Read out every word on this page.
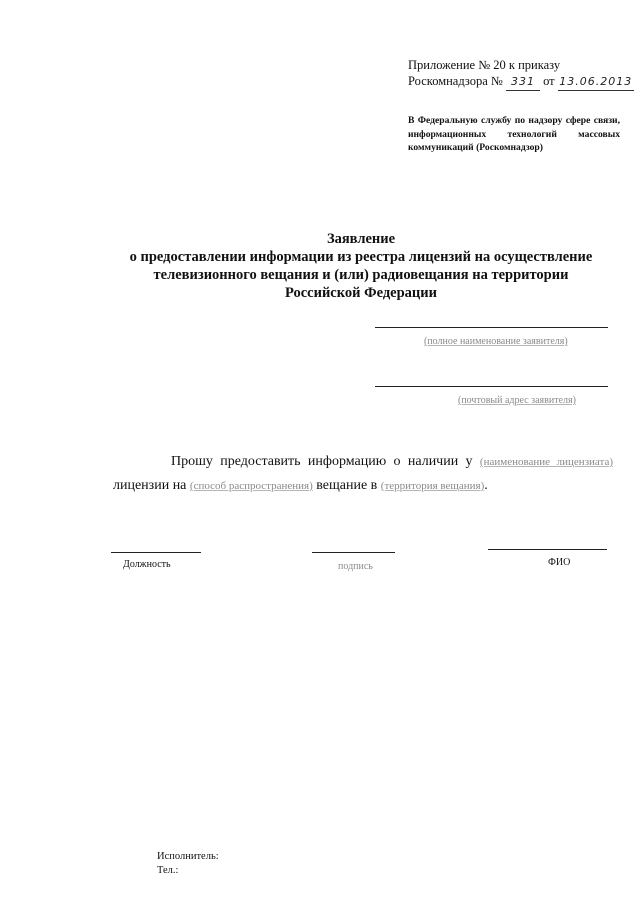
Приложение № 20 к приказу
Роскомнадзора № 331 от 13.06.2013
В Федеральную службу по надзору сфере связи, информационных технологий массовых коммуникаций (Роскомнадзор)
Заявление
о предоставлении информации из реестра лицензий на осуществление
телевизионного вещания и (или) радиовещания на территории
Российской Федерации
(полное наименование заявителя)
(почтовый адрес заявителя)
Прошу предоставить информацию о наличии у (наименование лицензиата)
лицензии на (способ распространения) вещание в (территория вещания).
Должность	подпись	ФИО
Исполнитель:
Тел.:
